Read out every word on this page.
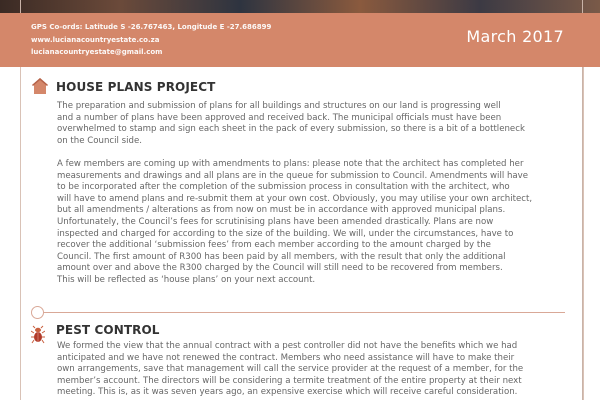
GPS Co-ords: Latitude S -26.767463, Longitude E -27.686899
www.lucianacountryestate.co.za
lucianacountryestate@gmail.com
March 2017
HOUSE PLANS PROJECT
The preparation and submission of plans for all buildings and structures on our land is progressing well
and a number of plans have been approved and received back. The municipal officials must have been
overwhelmed to stamp and sign each sheet in the pack of every submission, so there is a bit of a bottleneck
on the Council side.
A few members are coming up with amendments to plans: please note that the architect has completed her
measurements and drawings and all plans are in the queue for submission to Council. Amendments will have
to be incorporated after the completion of the submission process in consultation with the architect, who
will have to amend plans and re-submit them at your own cost. Obviously, you may utilise your own architect,
but all amendments / alterations as from now on must be in accordance with approved municipal plans.
Unfortunately, the Council’s fees for scrutinising plans have been amended drastically. Plans are now
inspected and charged for according to the size of the building. We will, under the circumstances, have to
recover the additional ‘submission fees’ from each member according to the amount charged by the
Council. The first amount of R300 has been paid by all members, with the result that only the additional
amount over and above the R300 charged by the Council will still need to be recovered from members.
This will be reflected as ‘house plans’ on your next account.
PEST CONTROL
We formed the view that the annual contract with a pest controller did not have the benefits which we had
anticipated and we have not renewed the contract. Members who need assistance will have to make their
own arrangements, save that management will call the service provider at the request of a member, for the
member’s account. The directors will be considering a termite treatment of the entire property at their next
meeting. This is, as it was seven years ago, an expensive exercise which will receive careful consideration.
